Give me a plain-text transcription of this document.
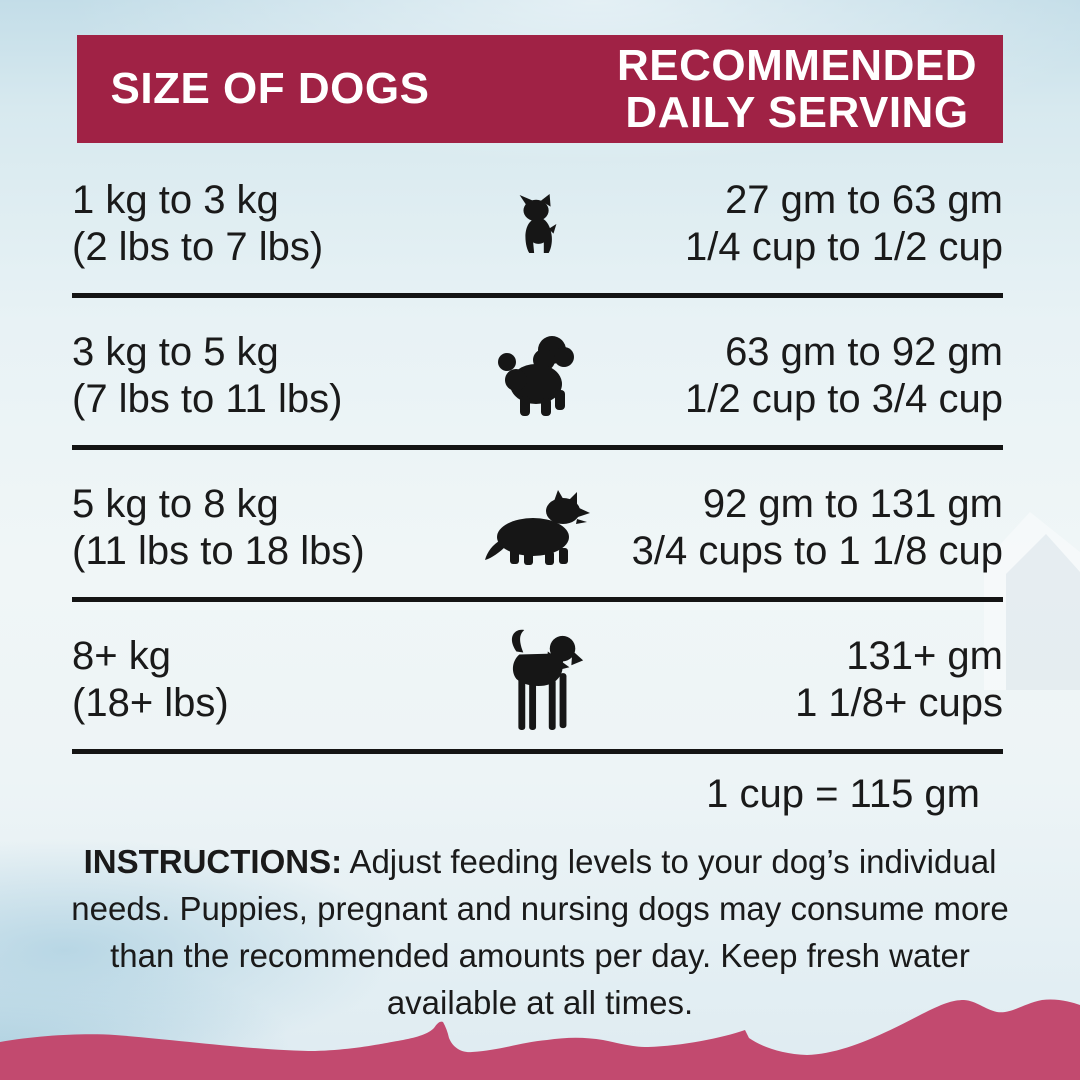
SIZE OF DOGS	RECOMMENDED
DAILY SERVING
1 kg to 3 kg
(2 lbs to 7 lbs)
27 gm to 63 gm
1/4 cup to 1/2 cup
3 kg to 5 kg
(7 lbs to 11 lbs)
63 gm to 92 gm
1/2 cup to 3/4 cup
5 kg to 8 kg
(11 lbs to 18 lbs)
92 gm to 131 gm
3/4 cups to 1 1/8 cup
8+ kg
(18+ lbs)
131+ gm
1 1/8+ cups
1 cup = 115 gm
INSTRUCTIONS: Adjust feeding levels to your dog’s individual needs. Puppies, pregnant and nursing dogs may consume more than the recommended amounts per day. Keep fresh water available at all times.
